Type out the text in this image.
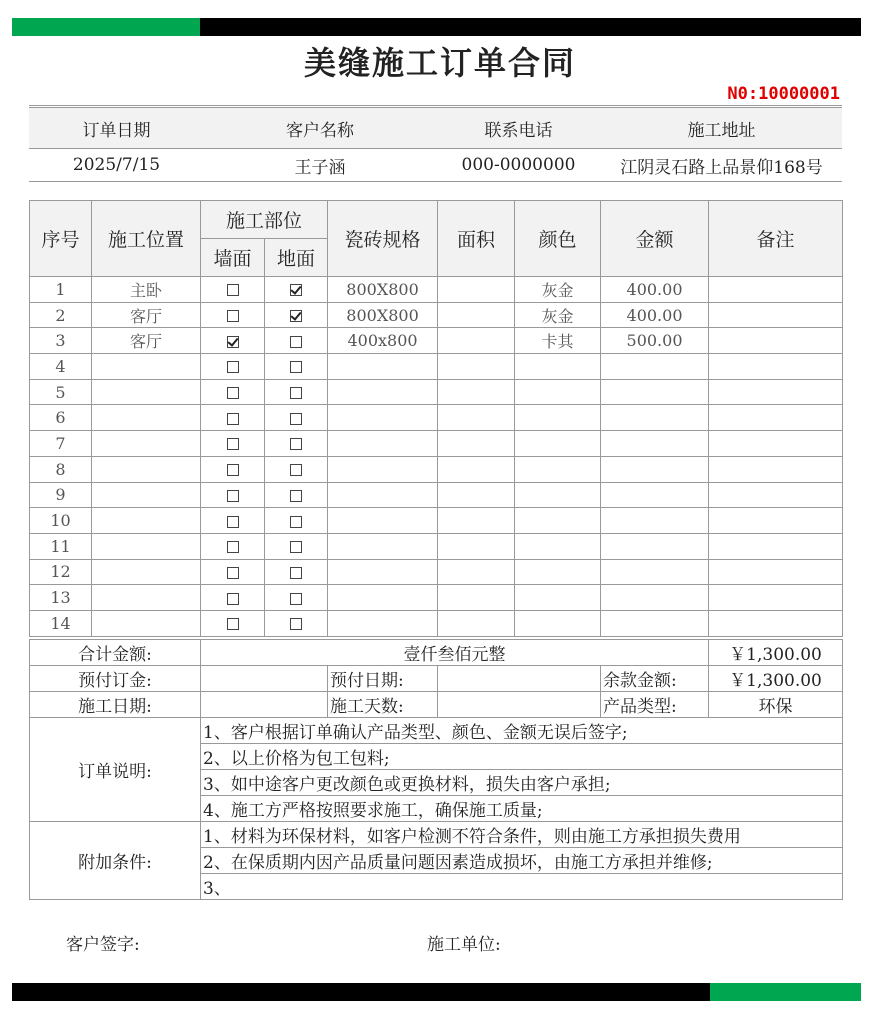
美缝施工订单合同
N0:10000001
订单日期	客户名称	联系电话	施工地址
2025/7/15	王子涵	000-0000000	江阴灵石路上品景仰168号
序号	施工位置	施工部位		瓷砖规格	面积	颜色	金额	备注
		墙面	地面					
1	主卧			800X800		灰金	400.00	
2	客厅			800X800		灰金	400.00	
3	客厅			400x800		卡其	500.00	
4								
5								
6								
7								
8								
9								
10								
11								
12								
13								
14								
合计金额:	壹仟叁佰元整				￥1,300.00
预付订金:		预付日期:		余款金额:	￥1,300.00
施工日期:		施工天数:		产品类型:	环保
订单说明:	1、客户根据订单确认产品类型、颜色、金额无误后签字;				
	2、以上价格为包工包料;				
	3、如中途客户更改颜色或更换材料，损失由客户承担;				
	4、施工方严格按照要求施工，确保施工质量;				
附加条件:	1、材料为环保材料，如客户检测不符合条件，则由施工方承担损失费用				
	2、在保质期内因产品质量问题因素造成损坏，由施工方承担并维修;				
	3、				
客户签字:	施工单位:
